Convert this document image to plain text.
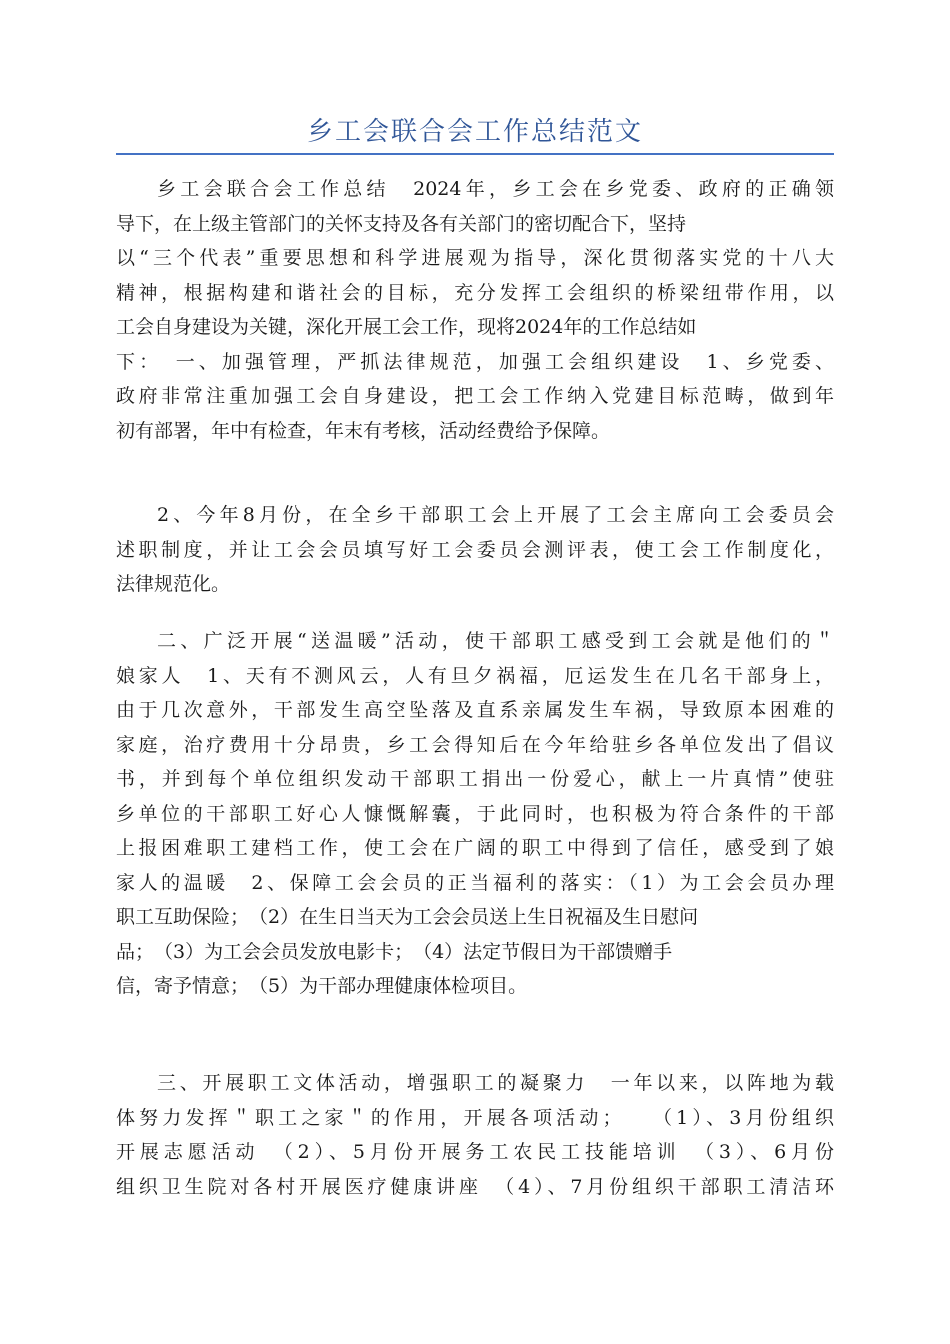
乡工会联合会工作总结范文

乡工会联合会工作总结　2024年，乡工会在乡党委、政府的正确领
导下，在上级主管部门的关怀支持及各有关部门的密切配合下，坚持
以“三个代表”重要思想和科学进展观为指导，深化贯彻落实党的十八大
精神，根据构建和谐社会的目标，充分发挥工会组织的桥梁纽带作用，以
工会自身建设为关键，深化开展工会工作，现将2024年的工作总结如
下：　一、加强管理，严抓法律规范，加强工会组织建设　1、乡党委、
政府非常注重加强工会自身建设，把工会工作纳入党建目标范畴，做到年
初有部署，年中有检查，年末有考核，活动经费给予保障。

2、今年8月份，在全乡干部职工会上开展了工会主席向工会委员会
述职制度，并让工会会员填写好工会委员会测评表，使工会工作制度化，
法律规范化。

二、广泛开展“送温暖”活动，使干部职工感受到工会就是他们的＂
娘家人　1、天有不测风云，人有旦夕祸福，厄运发生在几名干部身上，
由于几次意外，干部发生高空坠落及直系亲属发生车祸，导致原本困难的
家庭，治疗费用十分昂贵，乡工会得知后在今年给驻乡各单位发出了倡议
书，并到每个单位组织发动干部职工捐出一份爱心，献上一片真情”使驻
乡单位的干部职工好心人慷慨解囊，于此同时，也积极为符合条件的干部
上报困难职工建档工作，使工会在广阔的职工中得到了信任，感受到了娘
家人的温暖　2、保障工会会员的正当福利的落实：（1）为工会会员办理
职工互助保险；　（2）在生日当天为工会会员送上生日祝福及生日慰问
品；　（3）为工会会员发放电影卡；　（4）法定节假日为干部馈赠手
信，寄予情意；　（5）为干部办理健康体检项目。

三、开展职工文体活动，增强职工的凝聚力　一年以来，以阵地为载
体努力发挥＂职工之家＂的作用，开展各项活动；　　（1）、3月份组织
开展志愿活动　（2）、5月份开展务工农民工技能培训　（3）、6月份
组织卫生院对各村开展医疗健康讲座　（4）、7月份组织干部职工清洁环
